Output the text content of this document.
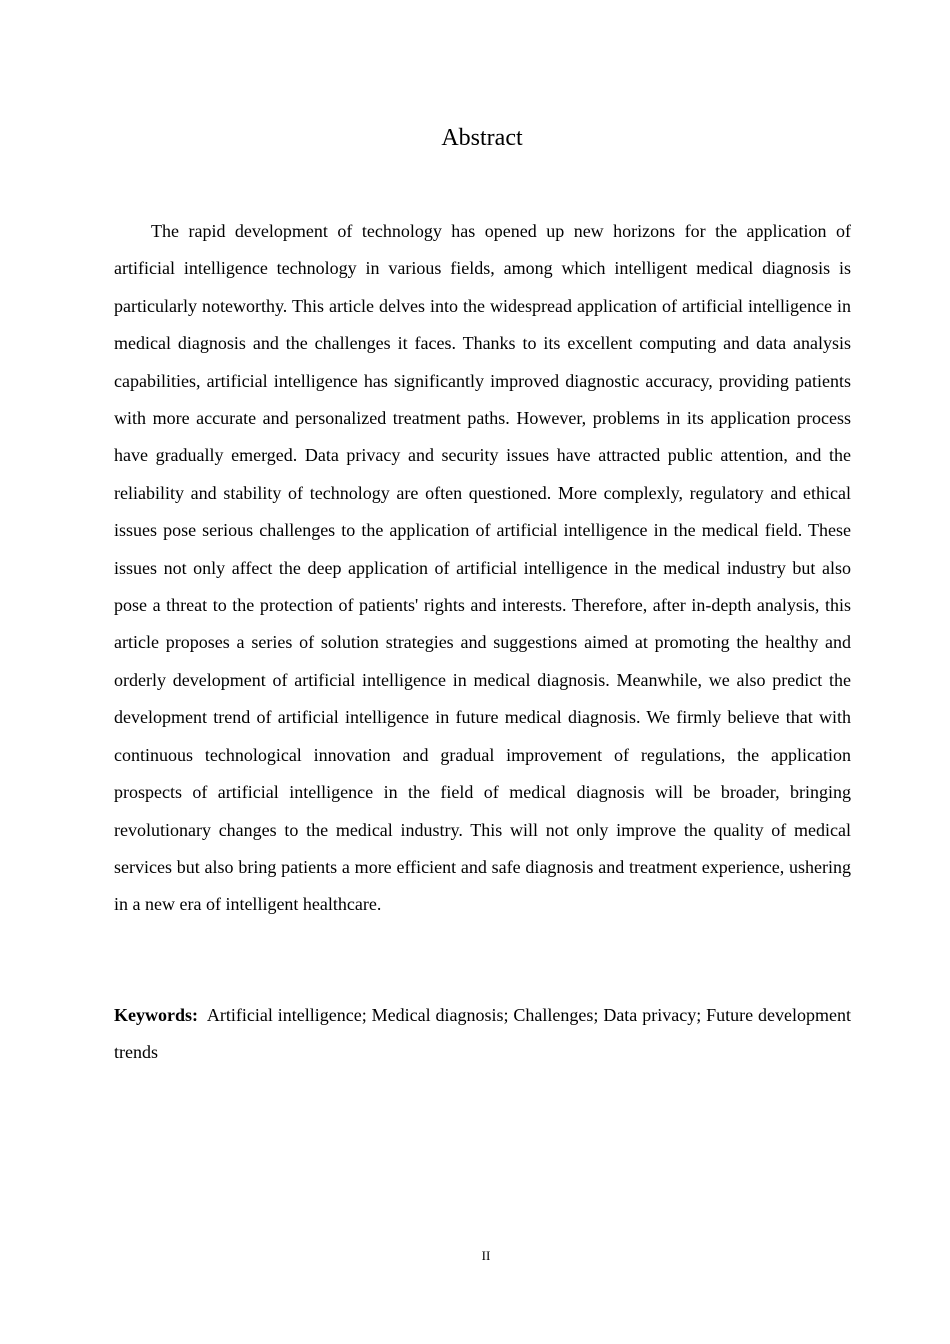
Abstract

The rapid development of technology has opened up new horizons for the application of artificial intelligence technology in various fields, among which intelligent medical diagnosis is particularly noteworthy. This article delves into the widespread application of artificial intelligence in medical diagnosis and the challenges it faces. Thanks to its excellent computing and data analysis capabilities, artificial intelligence has significantly improved diagnostic accuracy, providing patients with more accurate and personalized treatment paths. However, problems in its application process have gradually emerged. Data privacy and security issues have attracted public attention, and the reliability and stability of technology are often questioned. More complexly, regulatory and ethical issues pose serious challenges to the application of artificial intelligence in the medical field. These issues not only affect the deep application of artificial intelligence in the medical industry but also pose a threat to the protection of patients' rights and interests. Therefore, after in-depth analysis, this article proposes a series of solution strategies and suggestions aimed at promoting the healthy and orderly development of artificial intelligence in medical diagnosis. Meanwhile, we also predict the development trend of artificial intelligence in future medical diagnosis. We firmly believe that with continuous technological innovation and gradual improvement of regulations, the application prospects of artificial intelligence in the field of medical diagnosis will be broader, bringing revolutionary changes to the medical industry. This will not only improve the quality of medical services but also bring patients a more efficient and safe diagnosis and treatment experience, ushering in a new era of intelligent healthcare.

Keywords: Artificial intelligence; Medical diagnosis; Challenges; Data privacy; Future development trends

II
